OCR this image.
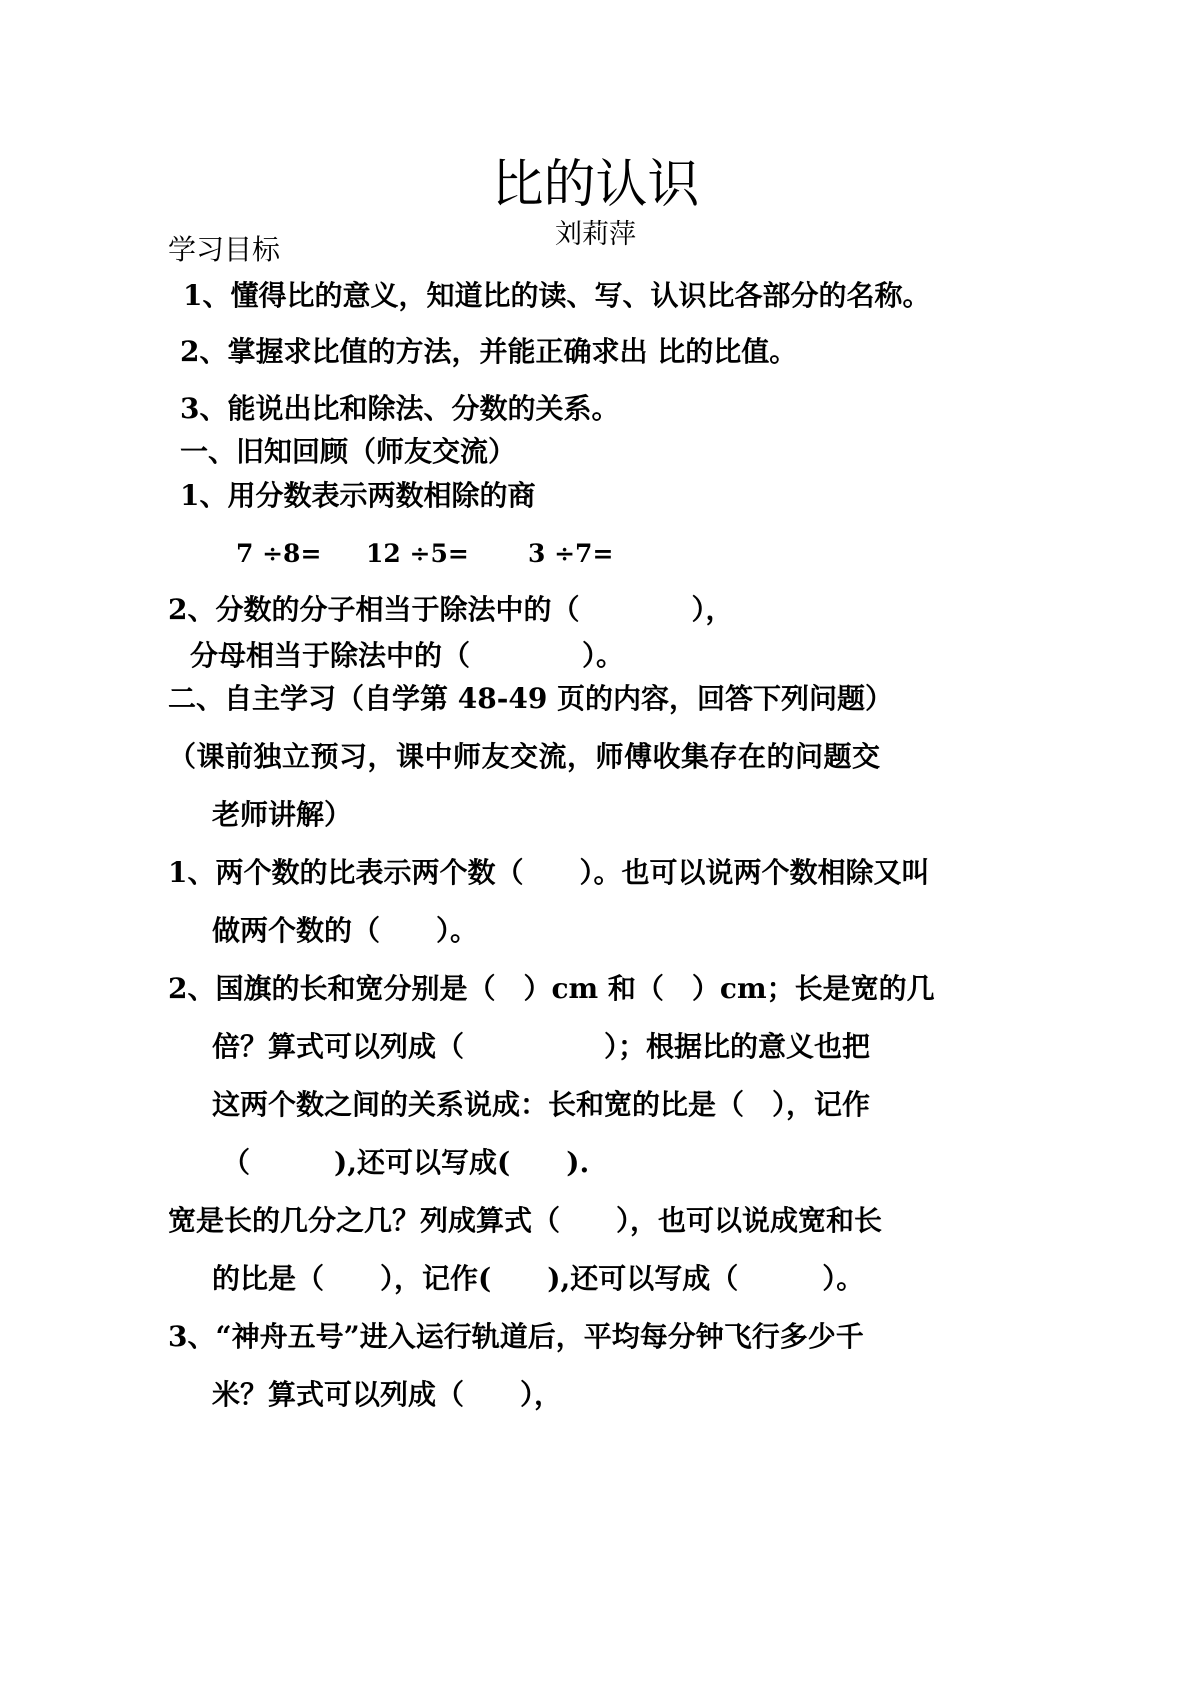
比的认识
刘莉萍
学习目标
1、懂得比的意义，知道比的读、写、认识比各部分的名称。
2、掌握求比值的方法，并能正确求出 比的比值。
3、能说出比和除法、分数的关系。
一、旧知回顾（师友交流）
1、用分数表示两数相除的商
7 ÷8= 12 ÷5= 3 ÷7=
2、分数的分子相当于除法中的（　　　　），
分母相当于除法中的（　　　　）。
二、自主学习（自学第 48-49 页的内容，回答下列问题）
（课前独立预习，课中师友交流，师傅收集存在的问题交
老师讲解）
1、两个数的比表示两个数（　　）。也可以说两个数相除又叫
做两个数的（　　）。
2、国旗的长和宽分别是（　）cm 和（　）cm；长是宽的几
倍？算式可以列成（　　　　　）；根据比的意义也把
这两个数之间的关系说成：长和宽的比是（　），记作
（　　　),还可以写成(　　).
宽是长的几分之几？列成算式（　　），也可以说成宽和长
的比是（　　），记作(　　),还可以写成（　　　）。
3、“神舟五号”进入运行轨道后，平均每分钟飞行多少千
米？算式可以列成（　　），
